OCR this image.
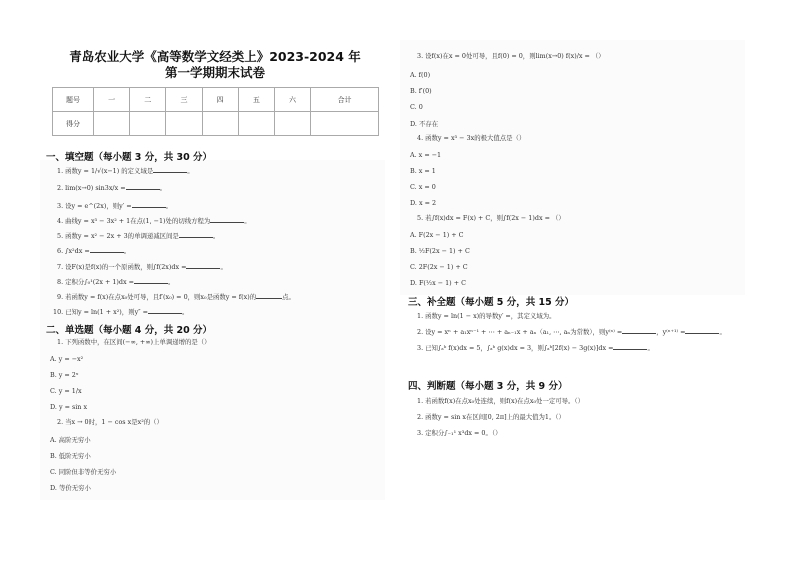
青岛农业大学《高等数学文经类上》2023-2024 年
第一学期期末试卷
题号	一	二	三	四	五	六	合计
得分							
一、填空题（每小题 3 分，共 30 分）
1. 函数y = 1/√(x−1) 的定义域是	。
2. lim(x→0) sin3x/x =	。
3. 设y = e^(2x)，则y′ =	。
4. 曲线y = x³ − 3x² + 1在点(1, −1)处的切线方程为	。
5. 函数y = x² − 2x + 3的单调递减区间是	。
6. ∫x²dx =	。
7. 设F(x)是f(x)的一个原函数，则∫f(2x)dx =	。
8. 定积分∫₀¹(2x + 1)dx =	。
9. 若函数y = f(x)在点x₀处可导，且f′(x₀) = 0，则x₀是函数y = f(x)的	点。
10. 已知y = ln(1 + x²)，则y″ =	。
二、单选题（每小题 4 分，共 20 分）
1. 下列函数中，在区间(−∞, +∞)上单调递增的是（）
A. y = −x²
B. y = 2ˣ
C. y = 1/x
D. y = sin x
2. 当x → 0时，1 − cos x是x²的（）
A. 高阶无穷小
B. 低阶无穷小
C. 同阶但非等价无穷小
D. 等价无穷小
3. 设f(x)在x = 0处可导，且f(0) = 0，则lim(x→0) f(x)/x = （）
A. f(0)
B. f′(0)
C. 0
D. 不存在
4. 函数y = x³ − 3x的极大值点是（）
A. x = −1
B. x = 1
C. x = 0
D. x = 2
5. 若∫f(x)dx = F(x) + C，则∫f(2x − 1)dx = （）
A. F(2x − 1) + C
B. ½F(2x − 1) + C
C. 2F(2x − 1) + C
D. F(½x − 1) + C
三、补全题（每小题 5 分，共 15 分）
1. 函数y = ln(1 − x)的导数y′ =，其定义域为。
2. 设y = xⁿ + a₁xⁿ⁻¹ + ⋯ + aₙ₋₁x + aₙ（a₁, ⋯, aₙ为常数），则y⁽ⁿ⁾ =	，y⁽ⁿ⁺¹⁾ =	。
3. 已知∫ₐᵇ f(x)dx = 5，∫ₐᵇ g(x)dx = 3，则∫ₐᵇ[2f(x) − 3g(x)]dx =	。
四、判断题（每小题 3 分，共 9 分）
1. 若函数f(x)在点x₀处连续，则f(x)在点x₀处一定可导。（）
2. 函数y = sin x在区间[0, 2π]上的最大值为1。（）
3. 定积分∫₋₁¹ x³dx = 0。（）
